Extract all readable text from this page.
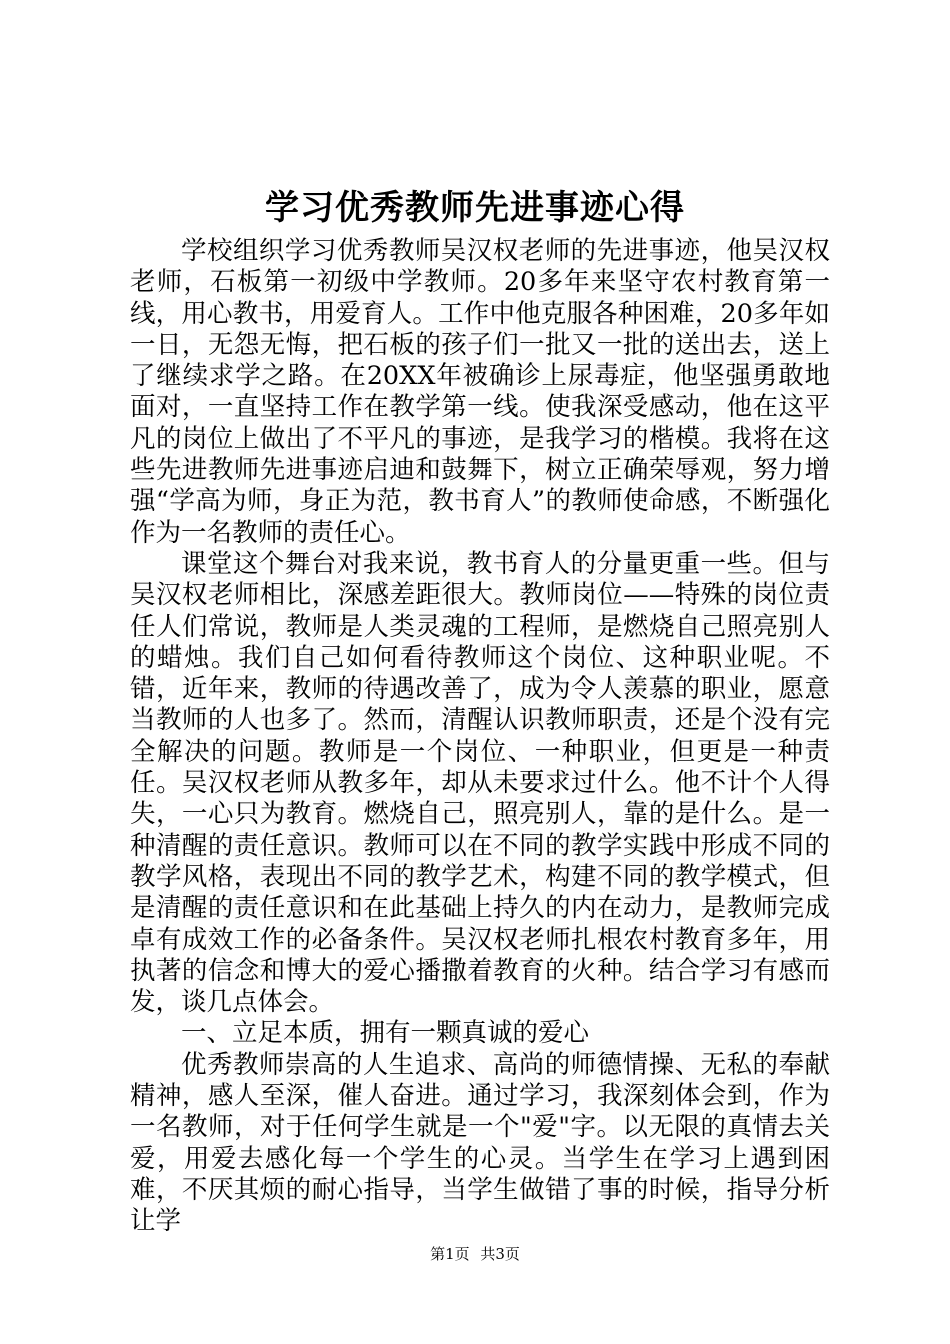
学习优秀教师先进事迹心得

学校组织学习优秀教师吴汉权老师的先进事迹，他吴汉权老师，石板第一初级中学教师。20多年来坚守农村教育第一线，用心教书，用爱育人。工作中他克服各种困难，20多年如一日，无怨无悔，把石板的孩子们一批又一批的送出去，送上了继续求学之路。在20XX年被确诊上尿毒症，他坚强勇敢地面对，一直坚持工作在教学第一线。使我深受感动，他在这平凡的岗位上做出了不平凡的事迹，是我学习的楷模。我将在这些先进教师先进事迹启迪和鼓舞下，树立正确荣辱观，努力增强“学高为师，身正为范，教书育人”的教师使命感，不断强化作为一名教师的责任心。

课堂这个舞台对我来说，教书育人的分量更重一些。但与吴汉权老师相比，深感差距很大。教师岗位——特殊的岗位责任人们常说，教师是人类灵魂的工程师，是燃烧自己照亮别人的蜡烛。我们自己如何看待教师这个岗位、这种职业呢。不错，近年来，教师的待遇改善了，成为令人羡慕的职业，愿意当教师的人也多了。然而，清醒认识教师职责，还是个没有完全解决的问题。教师是一个岗位、一种职业，但更是一种责任。吴汉权老师从教多年，却从未要求过什么。他不计个人得失，一心只为教育。燃烧自己，照亮别人，靠的是什么。是一种清醒的责任意识。教师可以在不同的教学实践中形成不同的教学风格，表现出不同的教学艺术，构建不同的教学模式，但是清醒的责任意识和在此基础上持久的内在动力，是教师完成卓有成效工作的必备条件。吴汉权老师扎根农村教育多年，用执著的信念和博大的爱心播撒着教育的火种。结合学习有感而发，谈几点体会。

一、立足本质，拥有一颗真诚的爱心

优秀教师崇高的人生追求、高尚的师德情操、无私的奉献精神，感人至深，催人奋进。通过学习，我深刻体会到，作为一名教师，对于任何学生就是一个"爱"字。以无限的真情去关爱，用爱去感化每一个学生的心灵。当学生在学习上遇到困难，不厌其烦的耐心指导，当学生做错了事的时候，指导分析让学

第1页 共3页
